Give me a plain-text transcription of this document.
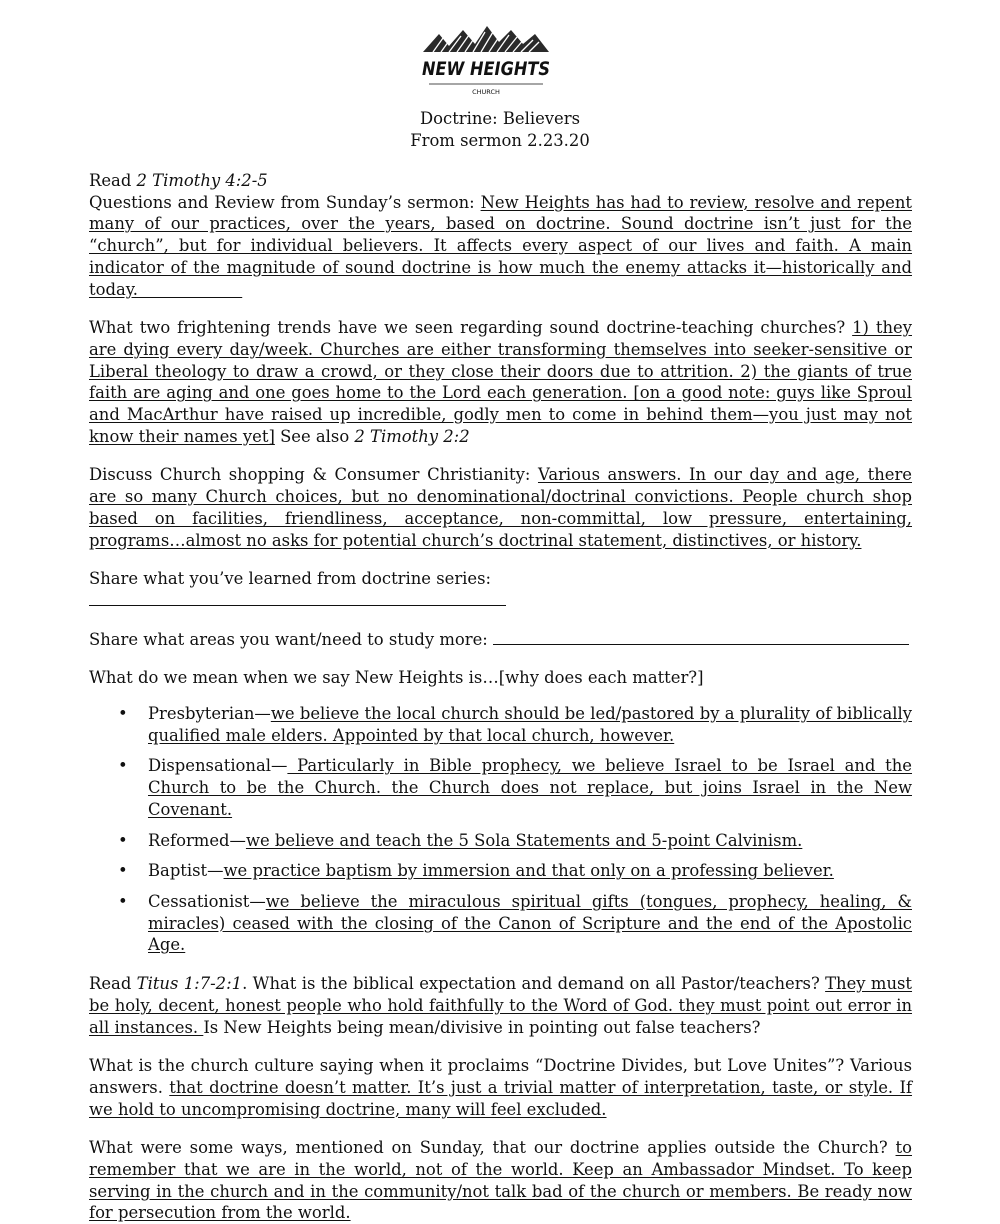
NEW HEIGHTS
CHURCH
Doctrine: Believers
From sermon 2.23.20

Read 2 Timothy 4:2-5

Questions and Review from Sunday’s sermon: New Heights has had to review, resolve and repent many of our practices, over the years, based on doctrine. Sound doctrine isn’t just for the “church”, but for individual believers. It affects every aspect of our lives and faith. A main indicator of the magnitude of sound doctrine is how much the enemy attacks it—historically and today.

What two frightening trends have we seen regarding sound doctrine-teaching churches? 1) they are dying every day/week. Churches are either transforming themselves into seeker-sensitive or Liberal theology to draw a crowd, or they close their doors due to attrition. 2) the giants of true faith are aging and one goes home to the Lord each generation. [on a good note: guys like Sproul and MacArthur have raised up incredible, godly men to come in behind them—you just may not know their names yet] See also 2 Timothy 2:2

Discuss Church shopping & Consumer Christianity: Various answers. In our day and age, there are so many Church choices, but no denominational/doctrinal convictions. People church shop based on facilities, friendliness, acceptance, non-committal, low pressure, entertaining, programs…almost no asks for potential church’s doctrinal statement, distinctives, or history.

Share what you’ve learned from doctrine series:

Share what areas you want/need to study more:

What do we mean when we say New Heights is…[why does each matter?]

• Presbyterian—we believe the local church should be led/pastored by a plurality of biblically qualified male elders. Appointed by that local church, however.
• Dispensational— Particularly in Bible prophecy, we believe Israel to be Israel and the Church to be the Church. the Church does not replace, but joins Israel in the New Covenant.
• Reformed—we believe and teach the 5 Sola Statements and 5-point Calvinism.
• Baptist—we practice baptism by immersion and that only on a professing believer.
• Cessationist—we believe the miraculous spiritual gifts (tongues, prophecy, healing, & miracles) ceased with the closing of the Canon of Scripture and the end of the Apostolic Age.

Read Titus 1:7-2:1. What is the biblical expectation and demand on all Pastor/teachers? They must be holy, decent, honest people who hold faithfully to the Word of God. they must point out error in all instances. Is New Heights being mean/divisive in pointing out false teachers?

What is the church culture saying when it proclaims “Doctrine Divides, but Love Unites”? Various answers. that doctrine doesn’t matter. It’s just a trivial matter of interpretation, taste, or style. If we hold to uncompromising doctrine, many will feel excluded.

What were some ways, mentioned on Sunday, that our doctrine applies outside the Church? to remember that we are in the world, not of the world. Keep an Ambassador Mindset. To keep serving in the church and in the community/not talk bad of the church or members. Be ready now for persecution from the world.
